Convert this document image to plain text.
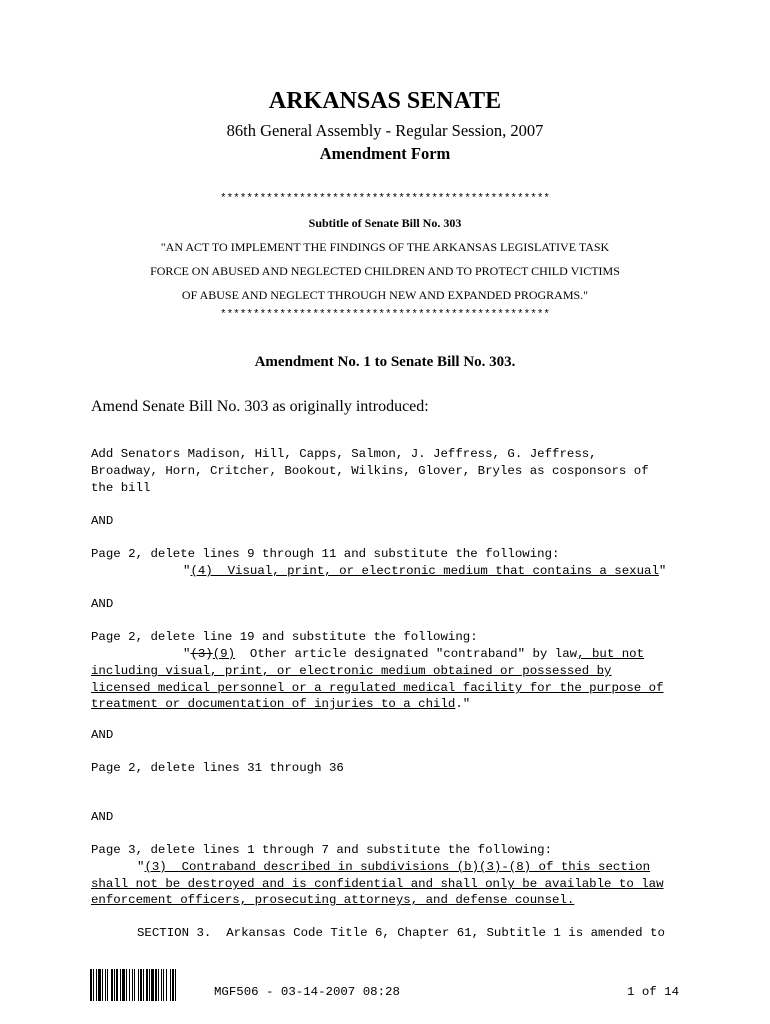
ARKANSAS SENATE
86th General Assembly - Regular Session, 2007
Amendment Form
**************************************************
Subtitle of Senate Bill No. 303
"AN ACT TO IMPLEMENT THE FINDINGS OF THE ARKANSAS LEGISLATIVE TASK
FORCE ON ABUSED AND NEGLECTED CHILDREN AND TO PROTECT CHILD VICTIMS
OF ABUSE AND NEGLECT THROUGH NEW AND EXPANDED PROGRAMS."
**************************************************
Amendment No. 1 to Senate Bill No. 303.
Amend Senate Bill No. 303 as originally introduced:
Add Senators Madison, Hill, Capps, Salmon, J. Jeffress, G. Jeffress,
Broadway, Horn, Critcher, Bookout, Wilkins, Glover, Bryles as cosponsors of
the bill
AND
Page 2, delete lines 9 through 11 and substitute the following:
"(4)  Visual, print, or electronic medium that contains a sexual"
AND
Page 2, delete line 19 and substitute the following:
"(3)(9)  Other article designated "contraband" by law, but not
including visual, print, or electronic medium obtained or possessed by
licensed medical personnel or a regulated medical facility for the purpose of
treatment or documentation of injuries to a child."
AND
Page 2, delete lines 31 through 36
AND
Page 3, delete lines 1 through 7 and substitute the following:
"(3)  Contraband described in subdivisions (b)(3)-(8) of this section
shall not be destroyed and is confidential and shall only be available to law
enforcement officers, prosecuting attorneys, and defense counsel.
SECTION 3.  Arkansas Code Title 6, Chapter 61, Subtitle 1 is amended to
MGF506 - 03-14-2007 08:28	1 of 14
